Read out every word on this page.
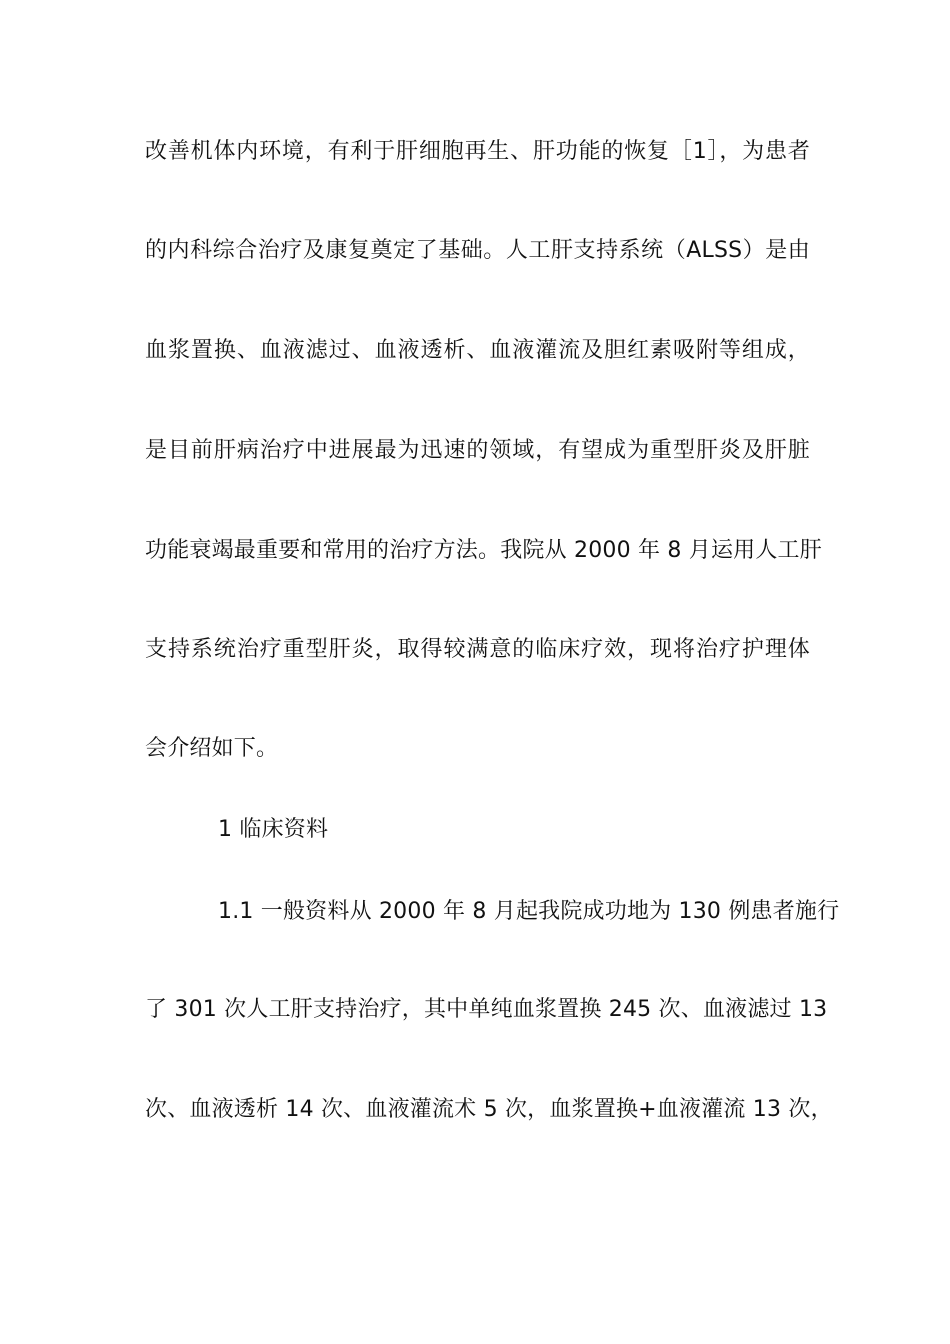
改善机体内环境，有利于肝细胞再生、肝功能的恢复［1］，为患者
的内科综合治疗及康复奠定了基础。人工肝支持系统（ALSS）是由
血浆置换、血液滤过、血液透析、血液灌流及胆红素吸附等组成，
是目前肝病治疗中进展最为迅速的领域，有望成为重型肝炎及肝脏
功能衰竭最重要和常用的治疗方法。我院从 2000 年 8 月运用人工肝
支持系统治疗重型肝炎，取得较满意的临床疗效，现将治疗护理体
会介绍如下。
1 临床资料
1.1 一般资料从 2000 年 8 月起我院成功地为 130 例患者施行
了 301 次人工肝支持治疗，其中单纯血浆置换 245 次、血液滤过 13
次、血液透析 14 次、血液灌流术 5 次，血浆置换+血液灌流 13 次，
